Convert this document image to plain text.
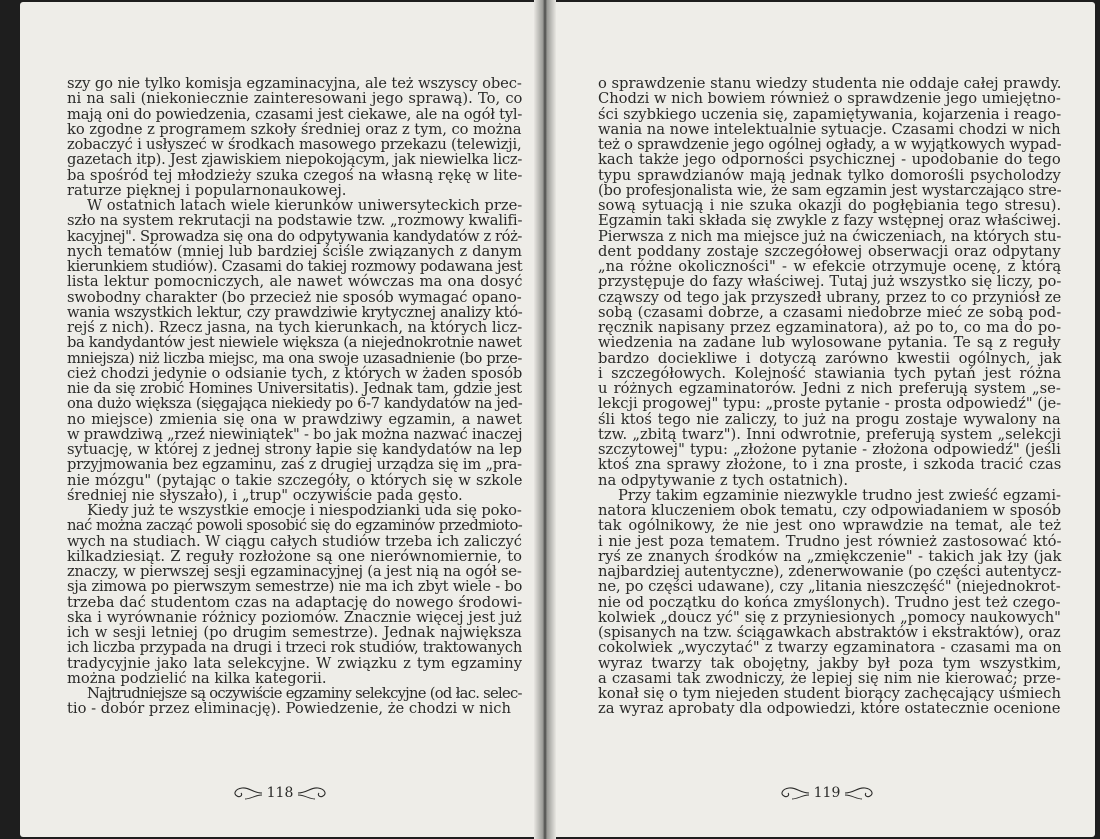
szy go nie tylko komisja egzaminacyjna, ale też wszyscy obec-
ni na sali (niekoniecznie zainteresowani jego sprawą). To, co
mają oni do powiedzenia, czasami jest ciekawe, ale na ogół tyl-
ko zgodne z programem szkoły średniej oraz z tym, co można
zobaczyć i usłyszeć w środkach masowego przekazu (telewizji,
gazetach itp). Jest zjawiskiem niepokojącym, jak niewielka licz-
ba spośród tej młodzieży szuka czegoś na własną rękę w lite-
raturze pięknej i popularnonaukowej.
W ostatnich latach wiele kierunków uniwersyteckich prze-
szło na system rekrutacji na podstawie tzw. „rozmowy kwalifi-
kacyjnej". Sprowadza się ona do odpytywania kandydatów z róż-
nych tematów (mniej lub bardziej ściśle związanych z danym
kierunkiem studiów). Czasami do takiej rozmowy podawana jest
lista lektur pomocniczych, ale nawet wówczas ma ona dosyć
swobodny charakter (bo przecież nie sposób wymagać opano-
wania wszystkich lektur, czy prawdziwie krytycznej analizy któ-
rejś z nich). Rzecz jasna, na tych kierunkach, na których licz-
ba kandydantów jest niewiele większa (a niejednokrotnie nawet
mniejsza) niż liczba miejsc, ma ona swoje uzasadnienie (bo prze-
cież chodzi jedynie o odsianie tych, z których w żaden sposób
nie da się zrobić Homines Universitatis). Jednak tam, gdzie jest
ona dużo większa (sięgająca niekiedy po 6-7 kandydatów na jed-
no miejsce) zmienia się ona w prawdziwy egzamin, a nawet
w prawdziwą „rzeź niewiniątek" - bo jak można nazwać inaczej
sytuację, w której z jednej strony łapie się kandydatów na lep
przyjmowania bez egzaminu, zaś z drugiej urządza się im „pra-
nie mózgu" (pytając o takie szczegóły, o których się w szkole
średniej nie słyszało), i „trup" oczywiście pada gęsto.
Kiedy już te wszystkie emocje i niespodzianki uda się poko-
nać można zacząć powoli sposobić się do egzaminów przedmioto-
wych na studiach. W ciągu całych studiów trzeba ich zaliczyć
kilkadziesiąt. Z reguły rozłożone są one nierównomiernie, to
znaczy, w pierwszej sesji egzaminacyjnej (a jest nią na ogół se-
sja zimowa po pierwszym semestrze) nie ma ich zbyt wiele - bo
trzeba dać studentom czas na adaptację do nowego środowi-
ska i wyrównanie różnicy poziomów. Znacznie więcej jest już
ich w sesji letniej (po drugim semestrze). Jednak największa
ich liczba przypada na drugi i trzeci rok studiów, traktowanych
tradycyjnie jako lata selekcyjne. W związku z tym egzaminy
można podzielić na kilka kategorii.
Najtrudniejsze są oczywiście egzaminy selekcyjne (od łac. selec-
tio - dobór przez eliminację). Powiedzenie, że chodzi w nich
118
o sprawdzenie stanu wiedzy studenta nie oddaje całej prawdy.
Chodzi w nich bowiem również o sprawdzenie jego umiejętno-
ści szybkiego uczenia się, zapamiętywania, kojarzenia i reago-
wania na nowe intelektualnie sytuacje. Czasami chodzi w nich
też o sprawdzenie jego ogólnej ogłady, a w wyjątkowych wypad-
kach także jego odporności psychicznej - upodobanie do tego
typu sprawdzianów mają jednak tylko domorośli psycholodzy
(bo profesjonalista wie, że sam egzamin jest wystarczająco stre-
sową sytuacją i nie szuka okazji do pogłębiania tego stresu).
Egzamin taki składa się zwykle z fazy wstępnej oraz właściwej.
Pierwsza z nich ma miejsce już na ćwiczeniach, na których stu-
dent poddany zostaje szczegółowej obserwacji oraz odpytany
„na różne okoliczności" - w efekcie otrzymuje ocenę, z którą
przystępuje do fazy właściwej. Tutaj już wszystko się liczy, po-
cząwszy od tego jak przyszedł ubrany, przez to co przyniósł ze
sobą (czasami dobrze, a czasami niedobrze mieć ze sobą pod-
ręcznik napisany przez egzaminatora), aż po to, co ma do po-
wiedzenia na zadane lub wylosowane pytania. Te są z reguły
bardzo dociekliwe i dotyczą zarówno kwestii ogólnych, jak
i szczegółowych. Kolejność stawiania tych pytań jest różna
u różnych egzaminatorów. Jedni z nich preferują system „se-
lekcji progowej" typu: „proste pytanie - prosta odpowiedź" (je-
śli ktoś tego nie zaliczy, to już na progu zostaje wywalony na
tzw. „zbitą twarz"). Inni odwrotnie, preferują system „selekcji
szczytowej" typu: „złożone pytanie - złożona odpowiedź" (jeśli
ktoś zna sprawy złożone, to i zna proste, i szkoda tracić czas
na odpytywanie z tych ostatnich).
Przy takim egzaminie niezwykle trudno jest zwieść egzami-
natora kluczeniem obok tematu, czy odpowiadaniem w sposób
tak ogólnikowy, że nie jest ono wprawdzie na temat, ale też
i nie jest poza tematem. Trudno jest również zastosować któ-
ryś ze znanych środków na „zmiękczenie" - takich jak łzy (jak
najbardziej autentyczne), zdenerwowanie (po części autentycz-
ne, po części udawane), czy „litania nieszczęść" (niejednokrot-
nie od początku do końca zmyślonych). Trudno jest też czego-
kolwiek „doucz yć" się z przyniesionych „pomocy naukowych"
(spisanych na tzw. ściągawkach abstraktów i ekstraktów), oraz
cokolwiek „wyczytać" z twarzy egzaminatora - czasami ma on
wyraz twarzy tak obojętny, jakby był poza tym wszystkim,
a czasami tak zwodniczy, że lepiej się nim nie kierować; prze-
konał się o tym niejeden student biorący zachęcający uśmiech
za wyraz aprobaty dla odpowiedzi, które ostatecznie ocenione
119
